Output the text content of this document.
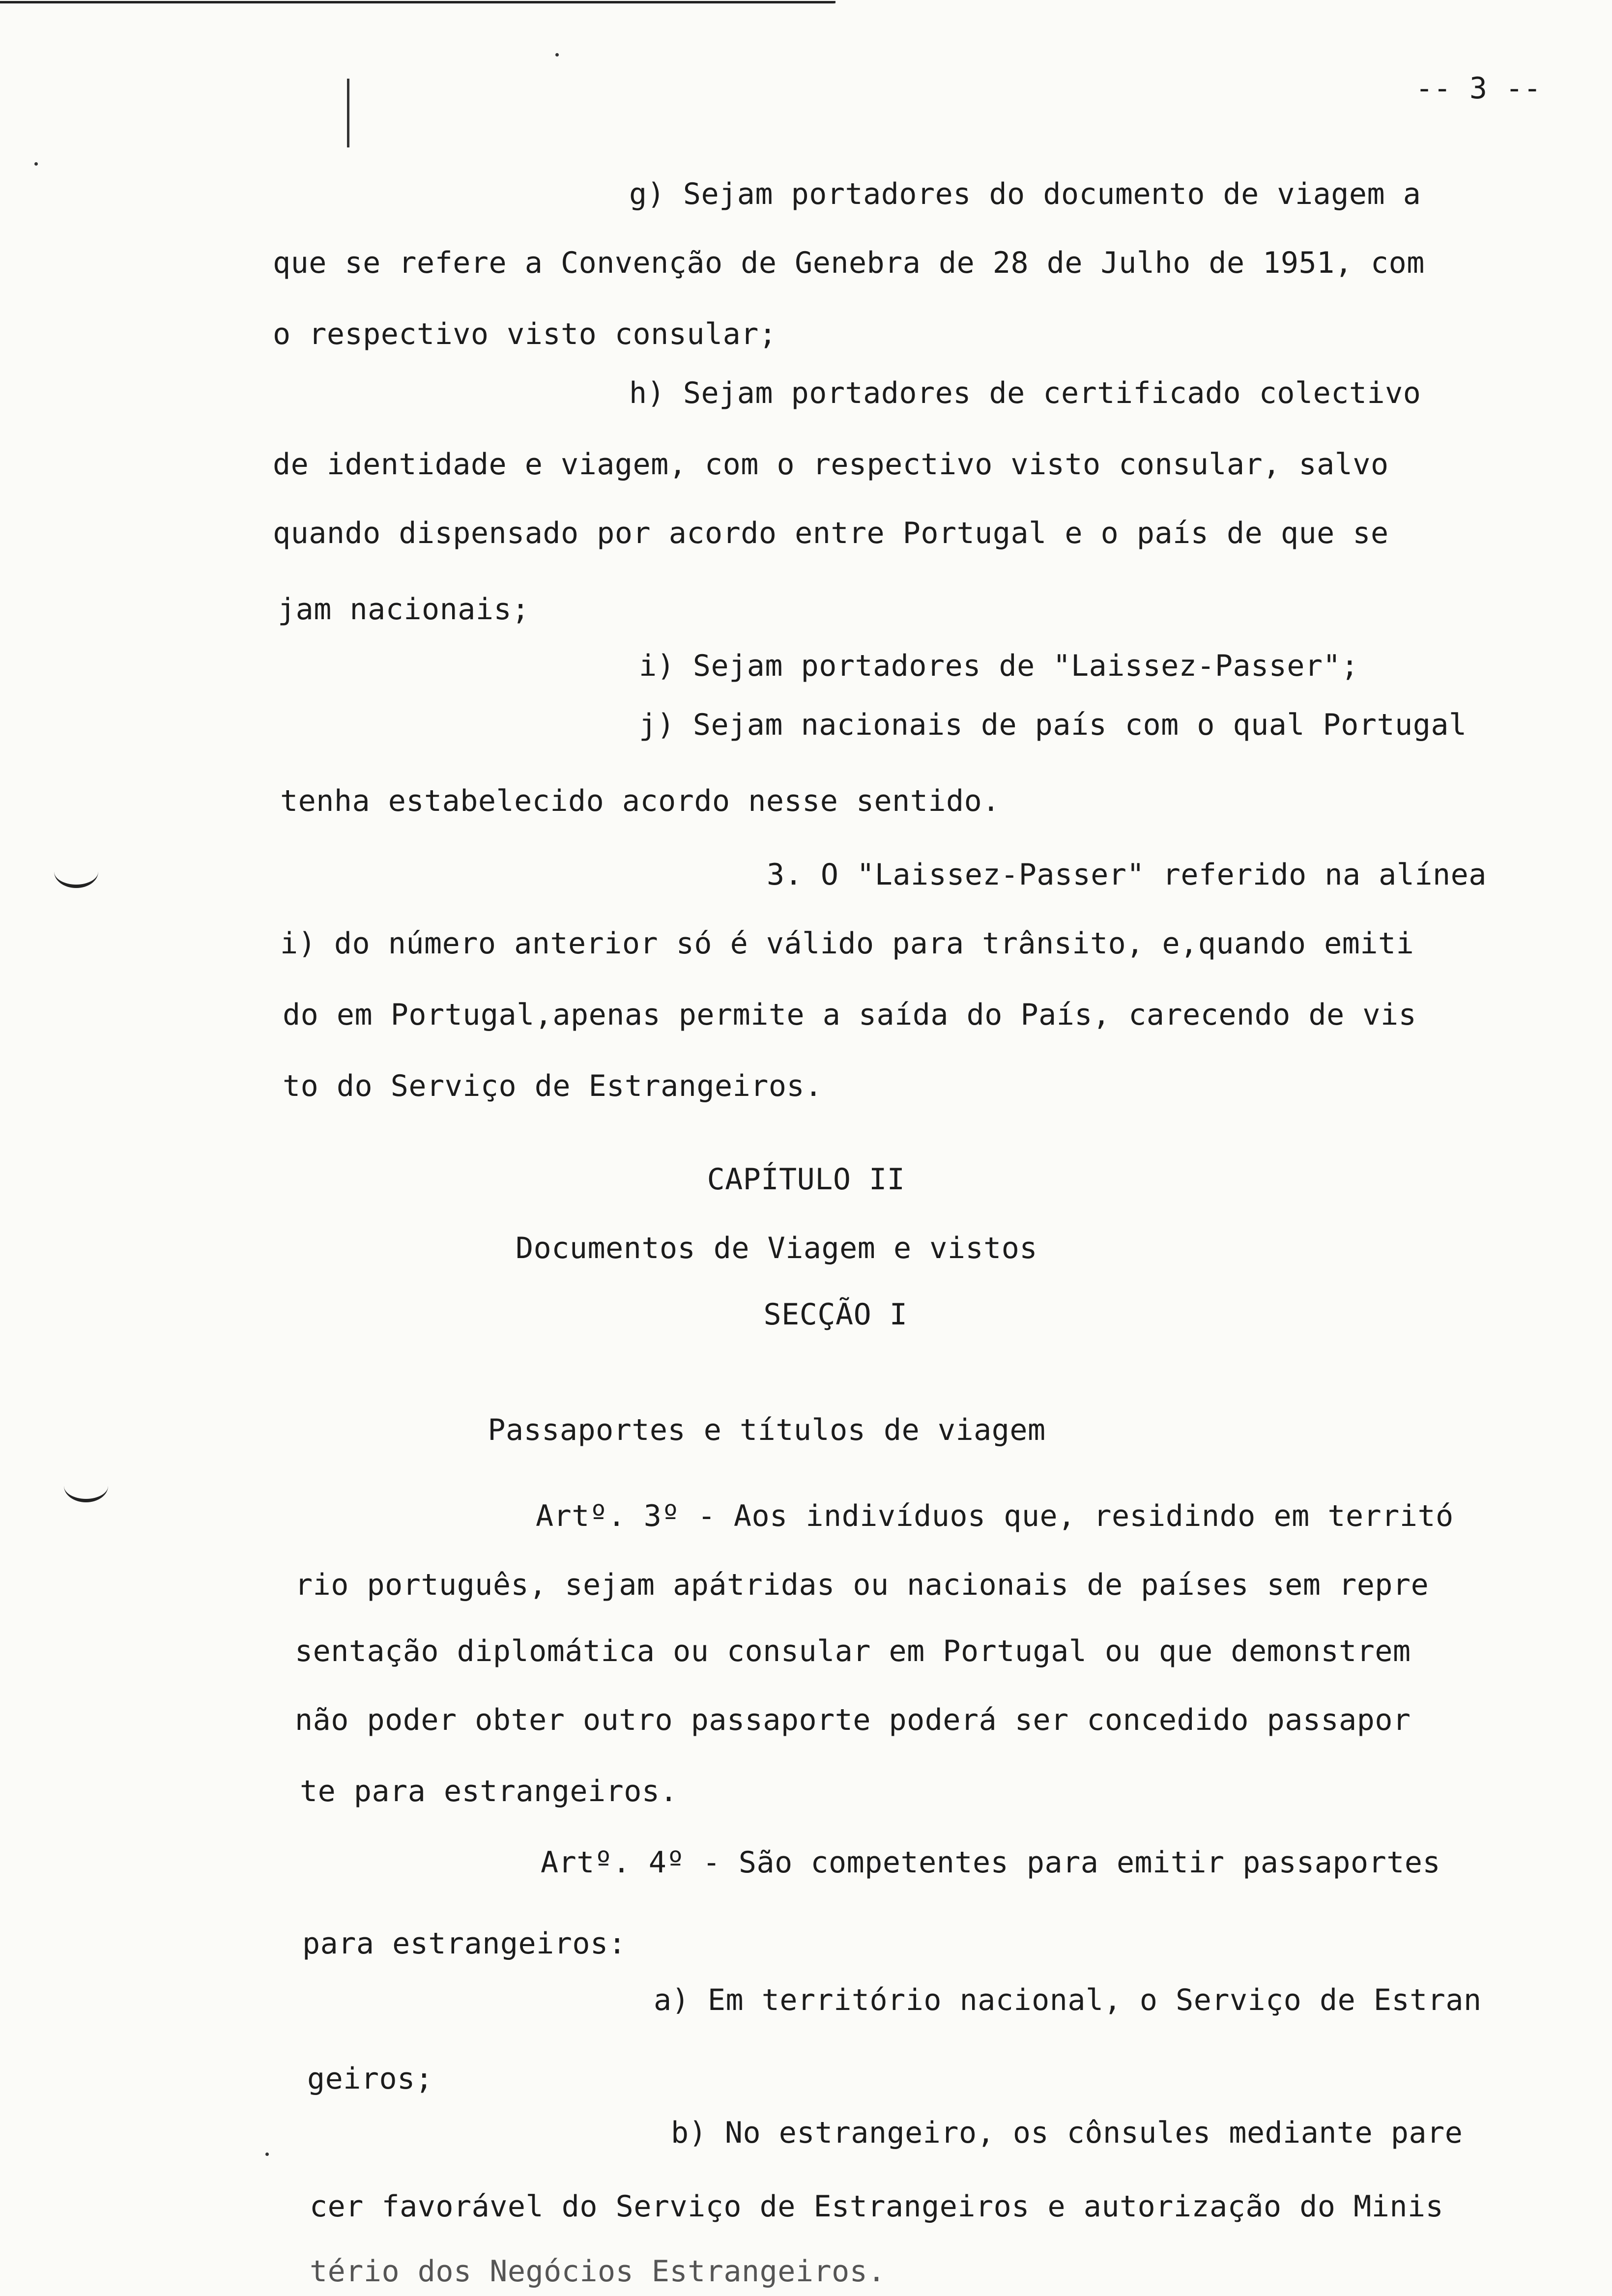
-- 3 --
g) Sejam portadores do documento de viagem a
que se refere a Convenção de Genebra de 28 de Julho de 1951, com
o respectivo visto consular;
h) Sejam portadores de certificado colectivo
de identidade e viagem, com o respectivo visto consular, salvo
quando dispensado por acordo entre Portugal e o país de que se
jam nacionais;
i) Sejam portadores de "Laissez-Passer";
j) Sejam nacionais de país com o qual Portugal
tenha estabelecido acordo nesse sentido.
3. O "Laissez-Passer" referido na alínea
i) do número anterior só é válido para trânsito, e,quando emiti
do em Portugal,apenas permite a saída do País, carecendo de vis
to do Serviço de Estrangeiros.
CAPÍTULO II
Documentos de Viagem e vistos
SECÇÃO I
Passaportes e títulos de viagem
Artº. 3º - Aos indivíduos que, residindo em territó
rio português, sejam apátridas ou nacionais de países sem repre
sentação diplomática ou consular em Portugal ou que demonstrem
não poder obter outro passaporte poderá ser concedido passapor
te para estrangeiros.
Artº. 4º - São competentes para emitir passaportes
para estrangeiros:
a) Em território nacional, o Serviço de Estran
geiros;
b) No estrangeiro, os cônsules mediante pare
cer favorável do Serviço de Estrangeiros e autorização do Minis
tério dos Negócios Estrangeiros.
